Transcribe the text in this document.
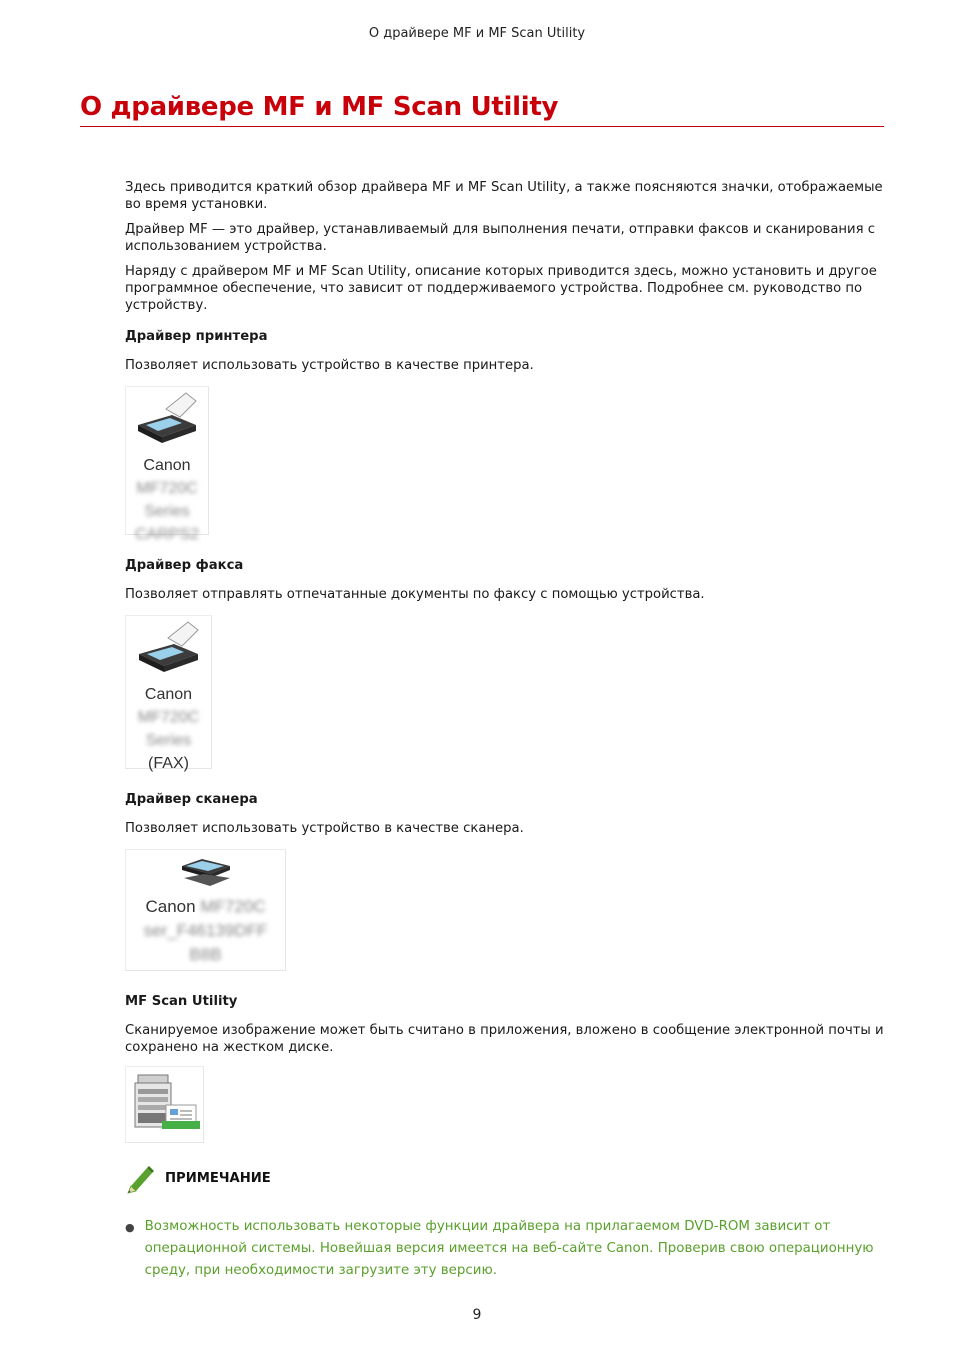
О драйвере MF и MF Scan Utility
О драйвере MF и MF Scan Utility

Здесь приводится краткий обзор драйвера MF и MF Scan Utility, а также поясняются значки, отображаемые во время установки.

Драйвер MF — это драйвер, устанавливаемый для выполнения печати, отправки факсов и сканирования с использованием устройства.

Наряду с драйвером MF и MF Scan Utility, описание которых приводится здесь, можно установить и другое программное обеспечение, что зависит от поддерживаемого устройства. Подробнее см. руководство по устройству.

Драйвер принтера

Позволяет использовать устройство в качестве принтера.

Canon
MF720C
Series
CARPS2
Драйвер факса

Позволяет отправлять отпечатанные документы по факсу с помощью устройства.

Canon
MF720C
Series
(FAX)
Драйвер сканера

Позволяет использовать устройство в качестве сканера.

Canon MF720C
ser_F46139DFF
B8B
MF Scan Utility

Сканируемое изображение может быть считано в приложения, вложено в сообщение электронной почты и сохранено на жестком диске.

ПРИМЕЧАНИЕ
● Возможность использовать некоторые функции драйвера на прилагаемом DVD-ROM зависит от операционной системы. Новейшая версия имеется на веб-сайте Canon. Проверив свою операционную среду, при необходимости загрузите эту версию.
9
